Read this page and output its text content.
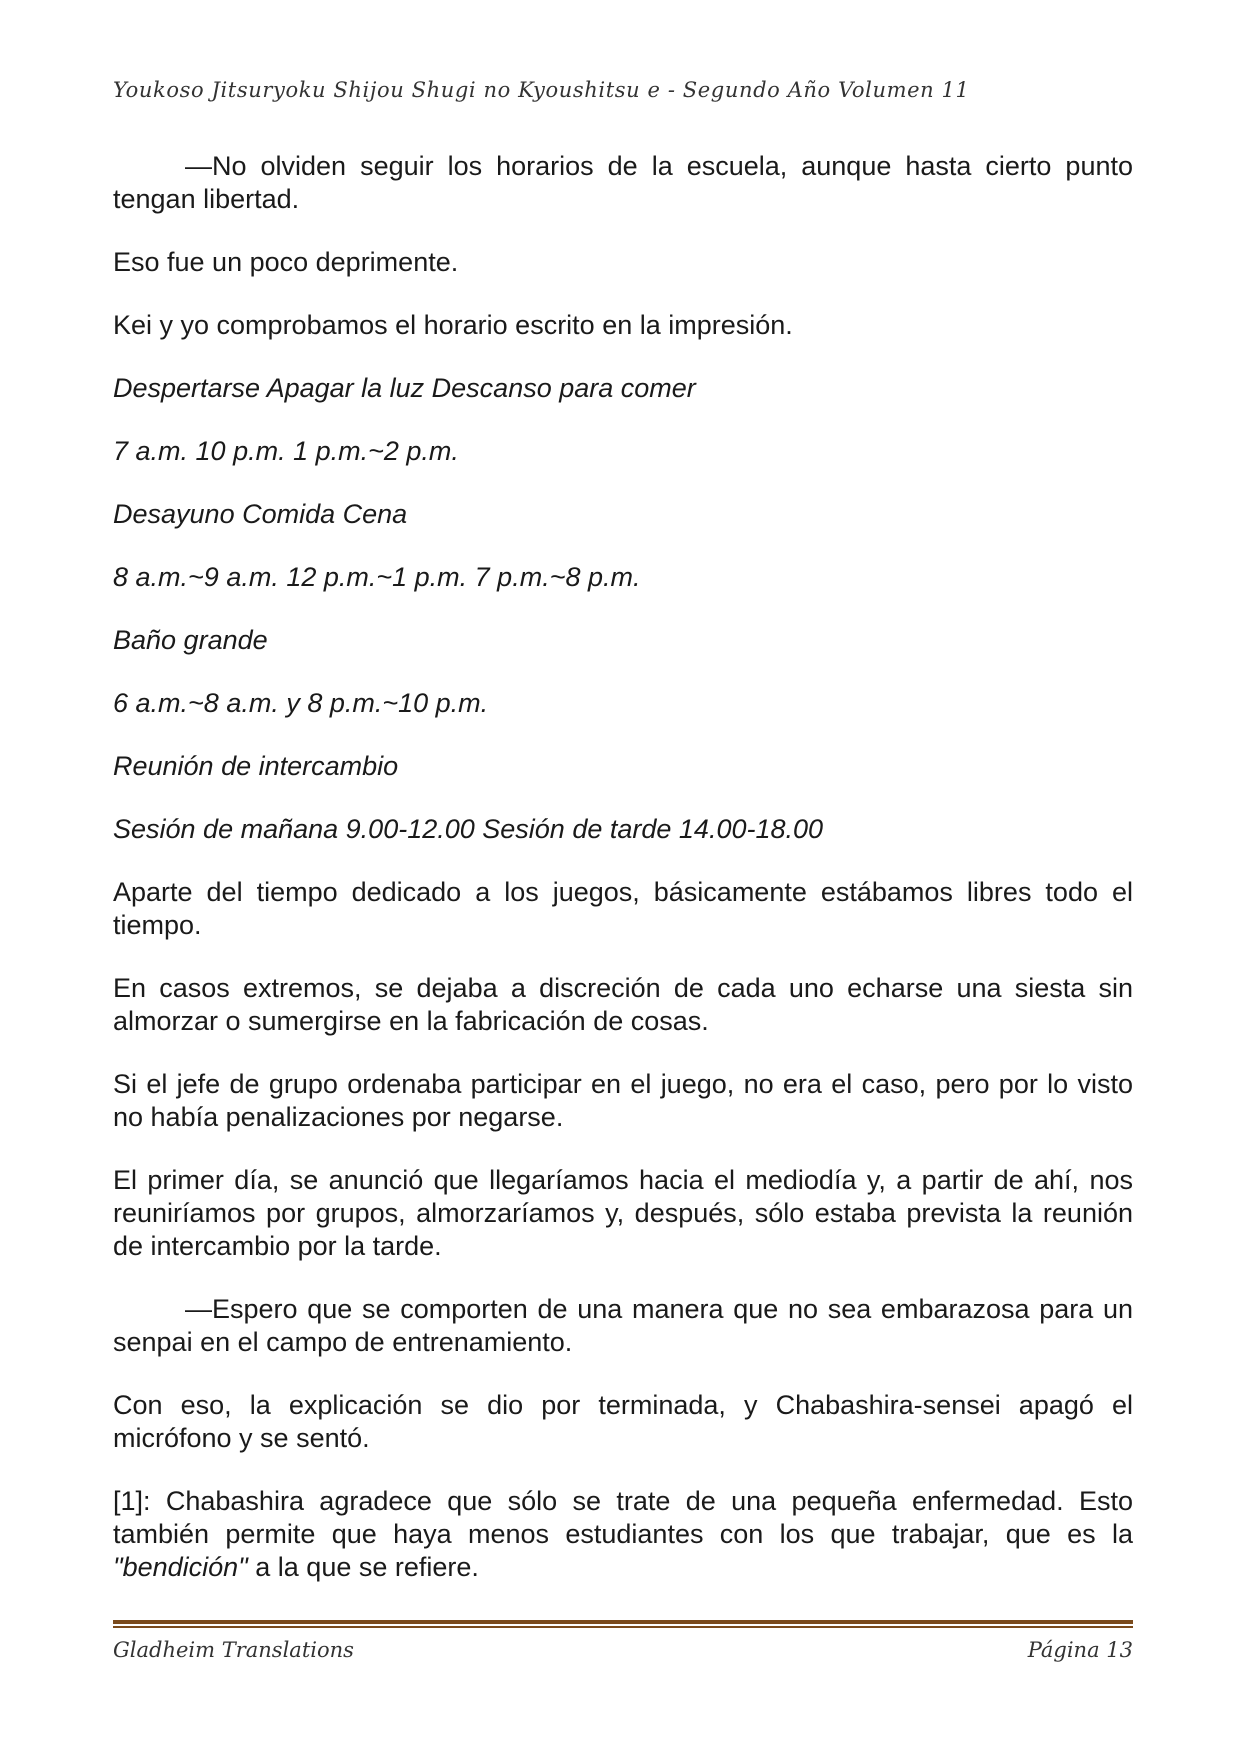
Youkoso Jitsuryoku Shijou Shugi no Kyoushitsu e - Segundo Año Volumen 11

—No olviden seguir los horarios de la escuela, aunque hasta cierto punto tengan libertad.

Eso fue un poco deprimente.

Kei y yo comprobamos el horario escrito en la impresión.

Despertarse Apagar la luz Descanso para comer

7 a.m. 10 p.m. 1 p.m.~2 p.m.

Desayuno Comida Cena

8 a.m.~9 a.m. 12 p.m.~1 p.m. 7 p.m.~8 p.m.

Baño grande

6 a.m.~8 a.m. y 8 p.m.~10 p.m.

Reunión de intercambio

Sesión de mañana 9.00-12.00 Sesión de tarde 14.00-18.00

Aparte del tiempo dedicado a los juegos, básicamente estábamos libres todo el tiempo.

En casos extremos, se dejaba a discreción de cada uno echarse una siesta sin almorzar o sumergirse en la fabricación de cosas.

Si el jefe de grupo ordenaba participar en el juego, no era el caso, pero por lo visto no había penalizaciones por negarse.

El primer día, se anunció que llegaríamos hacia el mediodía y, a partir de ahí, nos reuniríamos por grupos, almorzaríamos y, después, sólo estaba prevista la reunión de intercambio por la tarde.

—Espero que se comporten de una manera que no sea embarazosa para un senpai en el campo de entrenamiento.

Con eso, la explicación se dio por terminada, y Chabashira-sensei apagó el micrófono y se sentó.

[1]: Chabashira agradece que sólo se trate de una pequeña enfermedad. Esto también permite que haya menos estudiantes con los que trabajar, que es la "bendición" a la que se refiere.

Gladheim Translations	Página 13
